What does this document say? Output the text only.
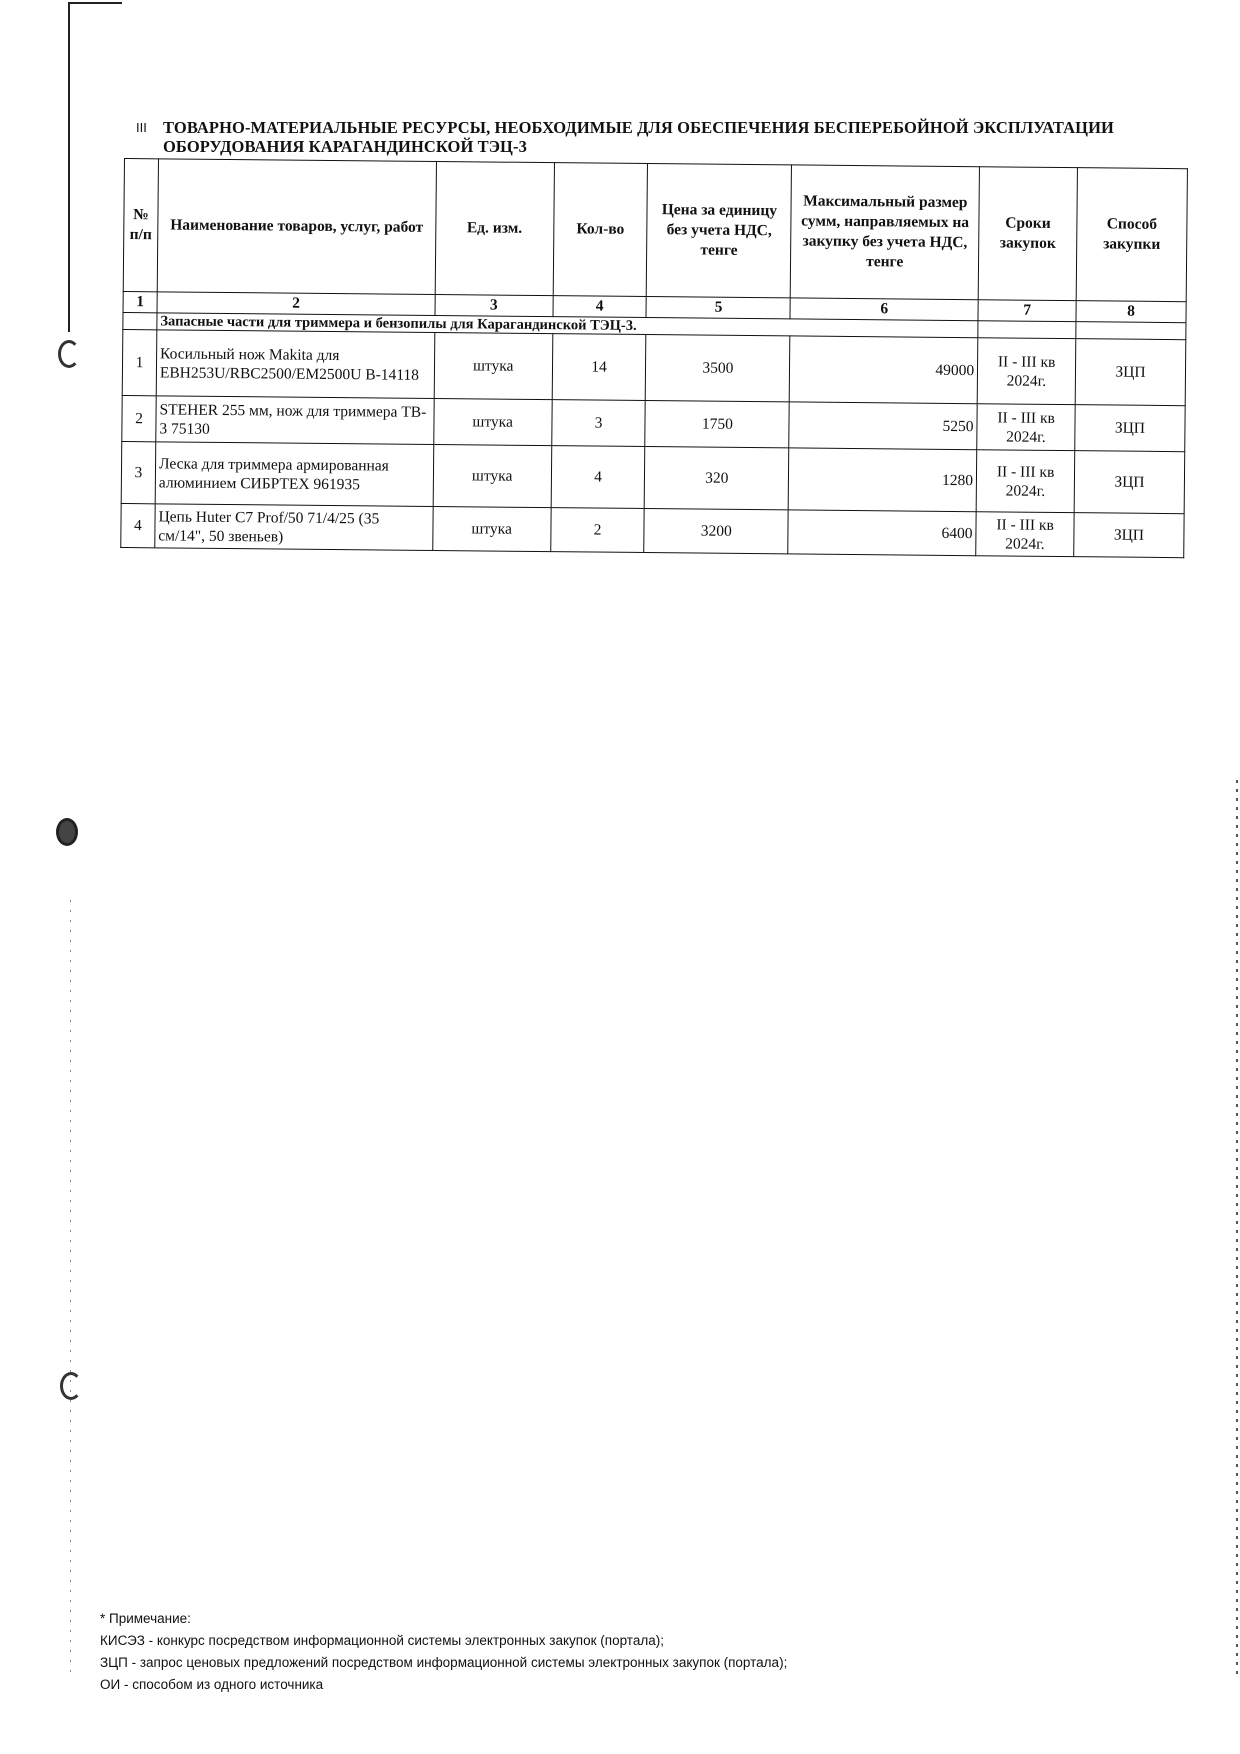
III ТОВАРНО-МАТЕРИАЛЬНЫЕ РЕСУРСЫ, НЕОБХОДИМЫЕ ДЛЯ ОБЕСПЕЧЕНИЯ БЕСПЕРЕБОЙНОЙ ЭКСПЛУАТАЦИИ ОБОРУДОВАНИЯ КАРАГАНДИНСКОЙ ТЭЦ-3
№ п/п	Наименование товаров, услуг, работ	Ед. изм.	Кол-во	Цена за единицу без учета НДС, тенге	Максимальный размер сумм, направляемых на закупку без учета НДС, тенге	Сроки закупок	Способ закупки
1	2	3	4	5	6	7	8
	Запасные части для триммера и бензопилы для Карагандинской ТЭЦ-3.						
1	Косильный нож Makita для EBH253U/RBC2500/EM2500U B-14118	штука	14	3500	49000	II - III кв 2024г.	ЗЦП
2	STEHER 255 мм, нож для триммера TB-3 75130	штука	3	1750	5250	II - III кв 2024г.	ЗЦП
3	Леска для триммера армированная алюминием СИБРТЕХ 961935	штука	4	320	1280	II - III кв 2024г.	ЗЦП
4	Цепь Huter C7 Prof/50 71/4/25 (35 см/14", 50 звеньев)	штука	2	3200	6400	II - III кв 2024г.	ЗЦП
* Примечание:
КИСЭЗ - конкурс посредством информационной системы электронных закупок (портала);
ЗЦП - запрос ценовых предложений посредством информационной системы электронных закупок (портала);
ОИ - способом из одного источника
